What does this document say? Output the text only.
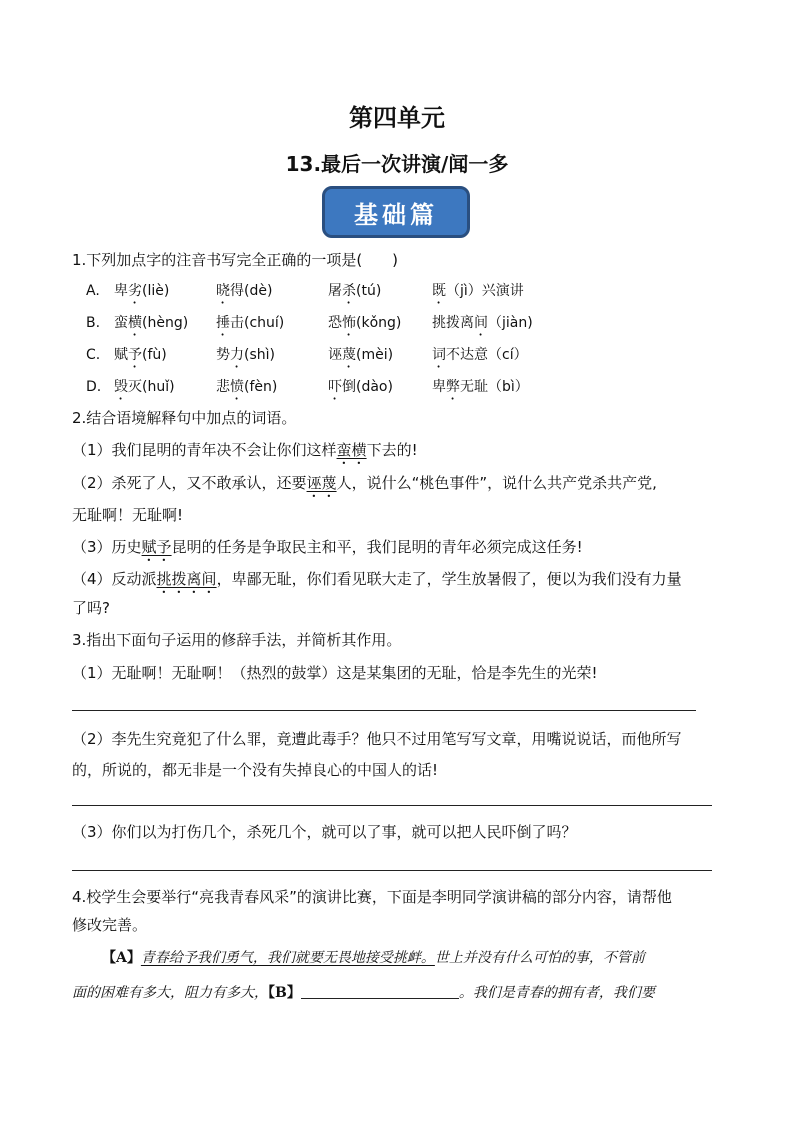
第四单元
13.最后一次讲演/闻一多
基础篇
1.下列加点字的注音书写完全正确的一项是(　　)
A. 卑劣(liè)	晓得(dè)	屠杀(tú)	既（jì）兴演讲
B. 蛮横(hèng) 捶击(chuí)	恐怖(kǒng) 挑拨离间（jiàn)
C. 赋予(fù)	势力(shì)	诬蔑(mèi)	词不达意（cí）
D. 毁灭(huǐ)	悲愤(fèn)	吓倒(dào)	卑弊无耻（bì）
2.结合语境解释句中加点的词语。
（1）我们昆明的青年决不会让你们这样蛮横下去的!
（2）杀死了人，又不敢承认，还要诬蔑人，说什么“桃色事件”，说什么共产党杀共产党,
无耻啊！无耻啊!
（3）历史赋予昆明的任务是争取民主和平，我们昆明的青年必须完成这任务!
（4）反动派挑拨离间，卑鄙无耻，你们看见联大走了，学生放暑假了，便以为我们没有力量
了吗?
3.指出下面句子运用的修辞手法，并简析其作用。
（1）无耻啊！无耻啊！（热烈的鼓掌）这是某集团的无耻，恰是李先生的光荣!
（2）李先生究竟犯了什么罪，竟遭此毒手？他只不过用笔写写文章，用嘴说说话，而他所写
的，所说的，都无非是一个没有失掉良心的中国人的话!
（3）你们以为打伤几个，杀死几个，就可以了事，就可以把人民吓倒了吗？
4.校学生会要举行“亮我青春风采”的演讲比赛，下面是李明同学演讲稿的部分内容，请帮他
修改完善。
【A】青春给予我们勇气，我们就要无畏地接受挑衅。世上并没有什么可怕的事，不管前
面的困难有多大，阻力有多大，【B】	。我们是青春的拥有者，我们要
